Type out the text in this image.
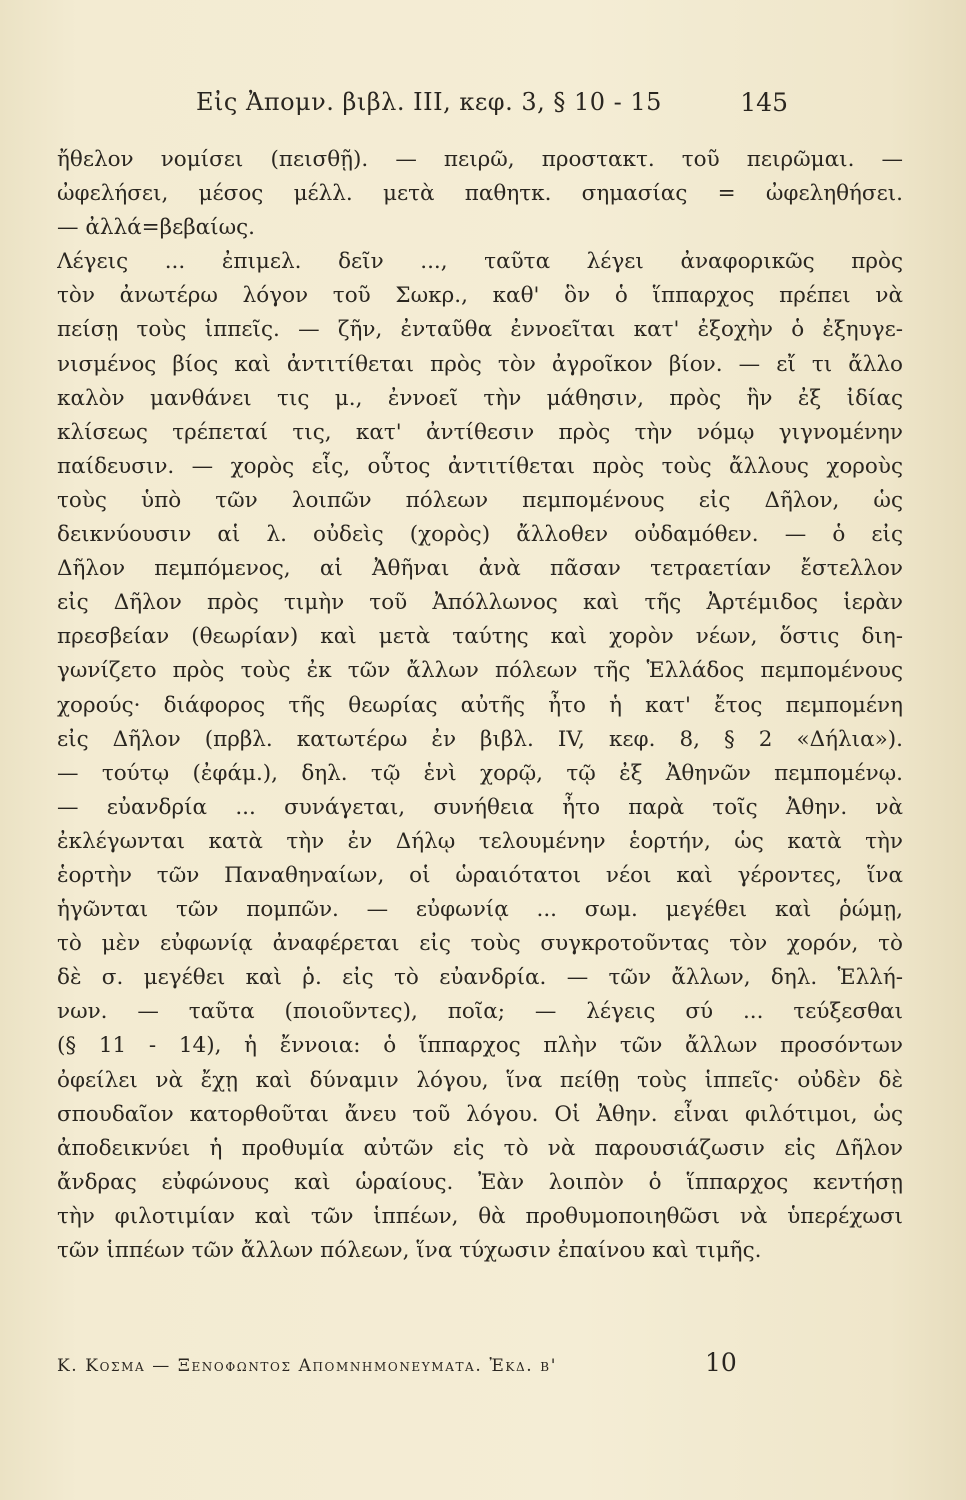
Εἰς Ἀπομν. βιβλ. ΙΙΙ, κεφ. 3, § 10 - 15	145
ἤθελον νομίσει (πεισθῇ). — πειρῶ, προστακτ. τοῦ πειρῶμαι. —
ὠφελήσει, μέσος μέλλ. μετὰ παθητκ. σημασίας = ὠφεληθήσει.
— ἀλλά=βεβαίως.
Λέγεις ... ἐπιμελ. δεῖν ..., ταῦτα λέγει ἀναφορικῶς πρὸς
τὸν ἀνωτέρω λόγον τοῦ Σωκρ., καθ' ὃν ὁ ἵππαρχος πρέπει νὰ
πείσῃ τοὺς ἱππεῖς. — ζῆν, ἐνταῦθα ἐννοεῖται κατ' ἐξοχὴν ὁ ἐξηυγε-
νισμένος βίος καὶ ἀντιτίθεται πρὸς τὸν ἀγροῖκον βίον. — εἴ τι ἄλλο
καλὸν μανθάνει τις μ., ἐννοεῖ τὴν μάθησιν, πρὸς ἣν ἐξ ἰδίας
κλίσεως τρέπεταί τις, κατ' ἀντίθεσιν πρὸς τὴν νόμῳ γιγνομένην
παίδευσιν. — χορὸς εἷς, οὗτος ἀντιτίθεται πρὸς τοὺς ἄλλους χοροὺς
τοὺς ὑπὸ τῶν λοιπῶν πόλεων πεμπομένους εἰς Δῆλον, ὡς
δεικνύουσιν αἱ λ. οὐδεὶς (χορὸς) ἄλλοθεν οὐδαμόθεν. — ὁ εἰς
Δῆλον πεμπόμενος, αἱ Ἀθῆναι ἀνὰ πᾶσαν τετραετίαν ἔστελλον
εἰς Δῆλον πρὸς τιμὴν τοῦ Ἀπόλλωνος καὶ τῆς Ἀρτέμιδος ἱερὰν
πρεσβείαν (θεωρίαν) καὶ μετὰ ταύτης καὶ χορὸν νέων, ὅστις διη-
γωνίζετο πρὸς τοὺς ἐκ τῶν ἄλλων πόλεων τῆς Ἑλλάδος πεμπομένους
χορούς· διάφορος τῆς θεωρίας αὐτῆς ἦτο ἡ κατ' ἔτος πεμπομένη
εἰς Δῆλον (πρβλ. κατωτέρω ἐν βιβλ. IV, κεφ. 8, § 2 «Δήλια»).
— τούτῳ (ἐφάμ.), δηλ. τῷ ἑνὶ χορῷ, τῷ ἐξ Ἀθηνῶν πεμπομένῳ.
— εὐανδρία ... συνάγεται, συνήθεια ἦτο παρὰ τοῖς Ἀθην. νὰ
ἐκλέγωνται κατὰ τὴν ἐν Δήλῳ τελουμένην ἑορτήν, ὡς κατὰ τὴν
ἑορτὴν τῶν Παναθηναίων, οἱ ὡραιότατοι νέοι καὶ γέροντες, ἵνα
ἡγῶνται τῶν πομπῶν. — εὐφωνίᾳ ... σωμ. μεγέθει καὶ ῥώμῃ,
τὸ μὲν εὐφωνίᾳ ἀναφέρεται εἰς τοὺς συγκροτοῦντας τὸν χορόν, τὸ
δὲ σ. μεγέθει καὶ ῥ. εἰς τὸ εὐανδρία. — τῶν ἄλλων, δηλ. Ἑλλή-
νων. — ταῦτα (ποιοῦντες), ποῖα; — λέγεις σύ ... τεύξεσθαι
(§ 11 - 14), ἡ ἔννοια: ὁ ἵππαρχος πλὴν τῶν ἄλλων προσόντων
ὀφείλει νὰ ἔχῃ καὶ δύναμιν λόγου, ἵνα πείθῃ τοὺς ἱππεῖς· οὐδὲν δὲ
σπουδαῖον κατορθοῦται ἄνευ τοῦ λόγου. Οἱ Ἀθην. εἶναι φιλότιμοι, ὡς
ἀποδεικνύει ἡ προθυμία αὐτῶν εἰς τὸ νὰ παρουσιάζωσιν εἰς Δῆλον
ἄνδρας εὐφώνους καὶ ὡραίους. Ἐὰν λοιπὸν ὁ ἵππαρχος κεντήσῃ
τὴν φιλοτιμίαν καὶ τῶν ἱππέων, θὰ προθυμοποιηθῶσι νὰ ὑπερέχωσι
τῶν ἱππέων τῶν ἄλλων πόλεων, ἵνα τύχωσιν ἐπαίνου καὶ τιμῆς.
Κ. Κοσμα — Ξενοφωντος Απομνημονευματα. Ἐκδ. β'	10
